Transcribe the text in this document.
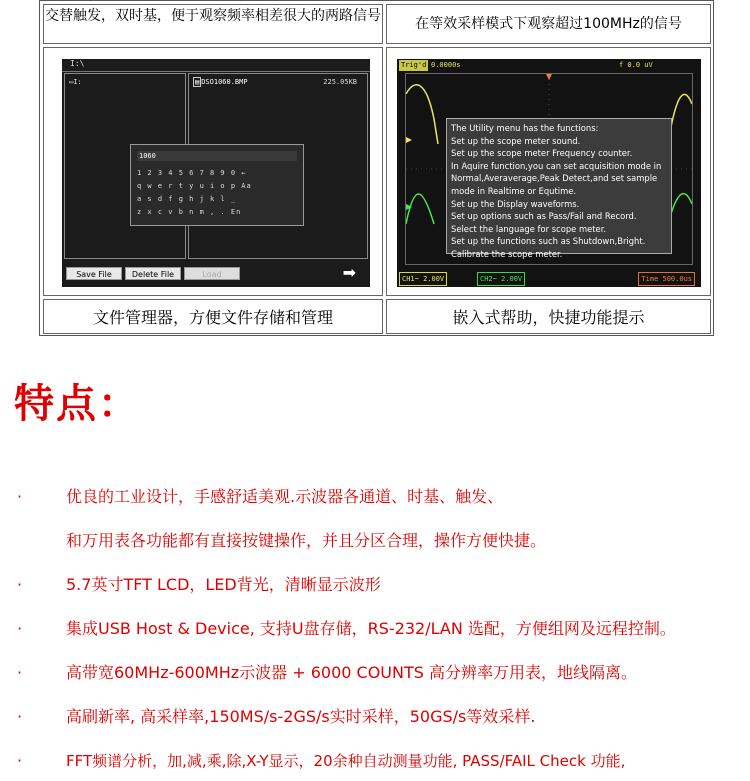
交替触发，双时基，便于观察频率相差很大的两路信号	在等效采样模式下观察超过100MHz的信号
I:\
▭I:	▤ DSO1060.BMP	225.05KB
1060
1 2 3 4 5 6 7 8 9 0 ←
q w e r t y u i o p Aa
a s d f g h j k l _
z x c v b n m , . En
Save File	Delete File	Load	➡
Trig'd 0.0000s	f 0.0 uV
The Utility menu has the functions:
Set up the scope meter sound.
Set up the scope meter Frequency counter.
In Aquire function,you can set acquisition mode in
Normal,Averaverage,Peak Detect,and set sample
mode in Realtime or Equtime.
Set up the Display waveforms.
Set up options such as Pass/Fail and Record.
Select the language for scope meter.
Set up the functions such as Shutdown,Bright.
Calibrate the scope meter.
CH1~ 2.00V	CH2~ 2.00V	Time 500.0us
文件管理器，方便文件存储和管理	嵌入式帮助，快捷功能提示
特点：
·	优良的工业设计，手感舒适美观.示波器各通道、时基、触发、
和万用表各功能都有直接按键操作，并且分区合理，操作方便快捷。
·	5.7英寸TFT LCD，LED背光，清晰显示波形
·	集成USB Host & Device, 支持U盘存储，RS-232/LAN 选配，方便组网及远程控制。
·	高带宽60MHz-600MHz示波器 + 6000 COUNTS 高分辨率万用表，地线隔离。
·	高刷新率, 高采样率,150MS/s-2GS/s实时采样，50GS/s等效采样.
·	FFT频谱分析，加,减,乘,除,X-Y显示，20余种自动测量功能, PASS/FAIL Check 功能,
